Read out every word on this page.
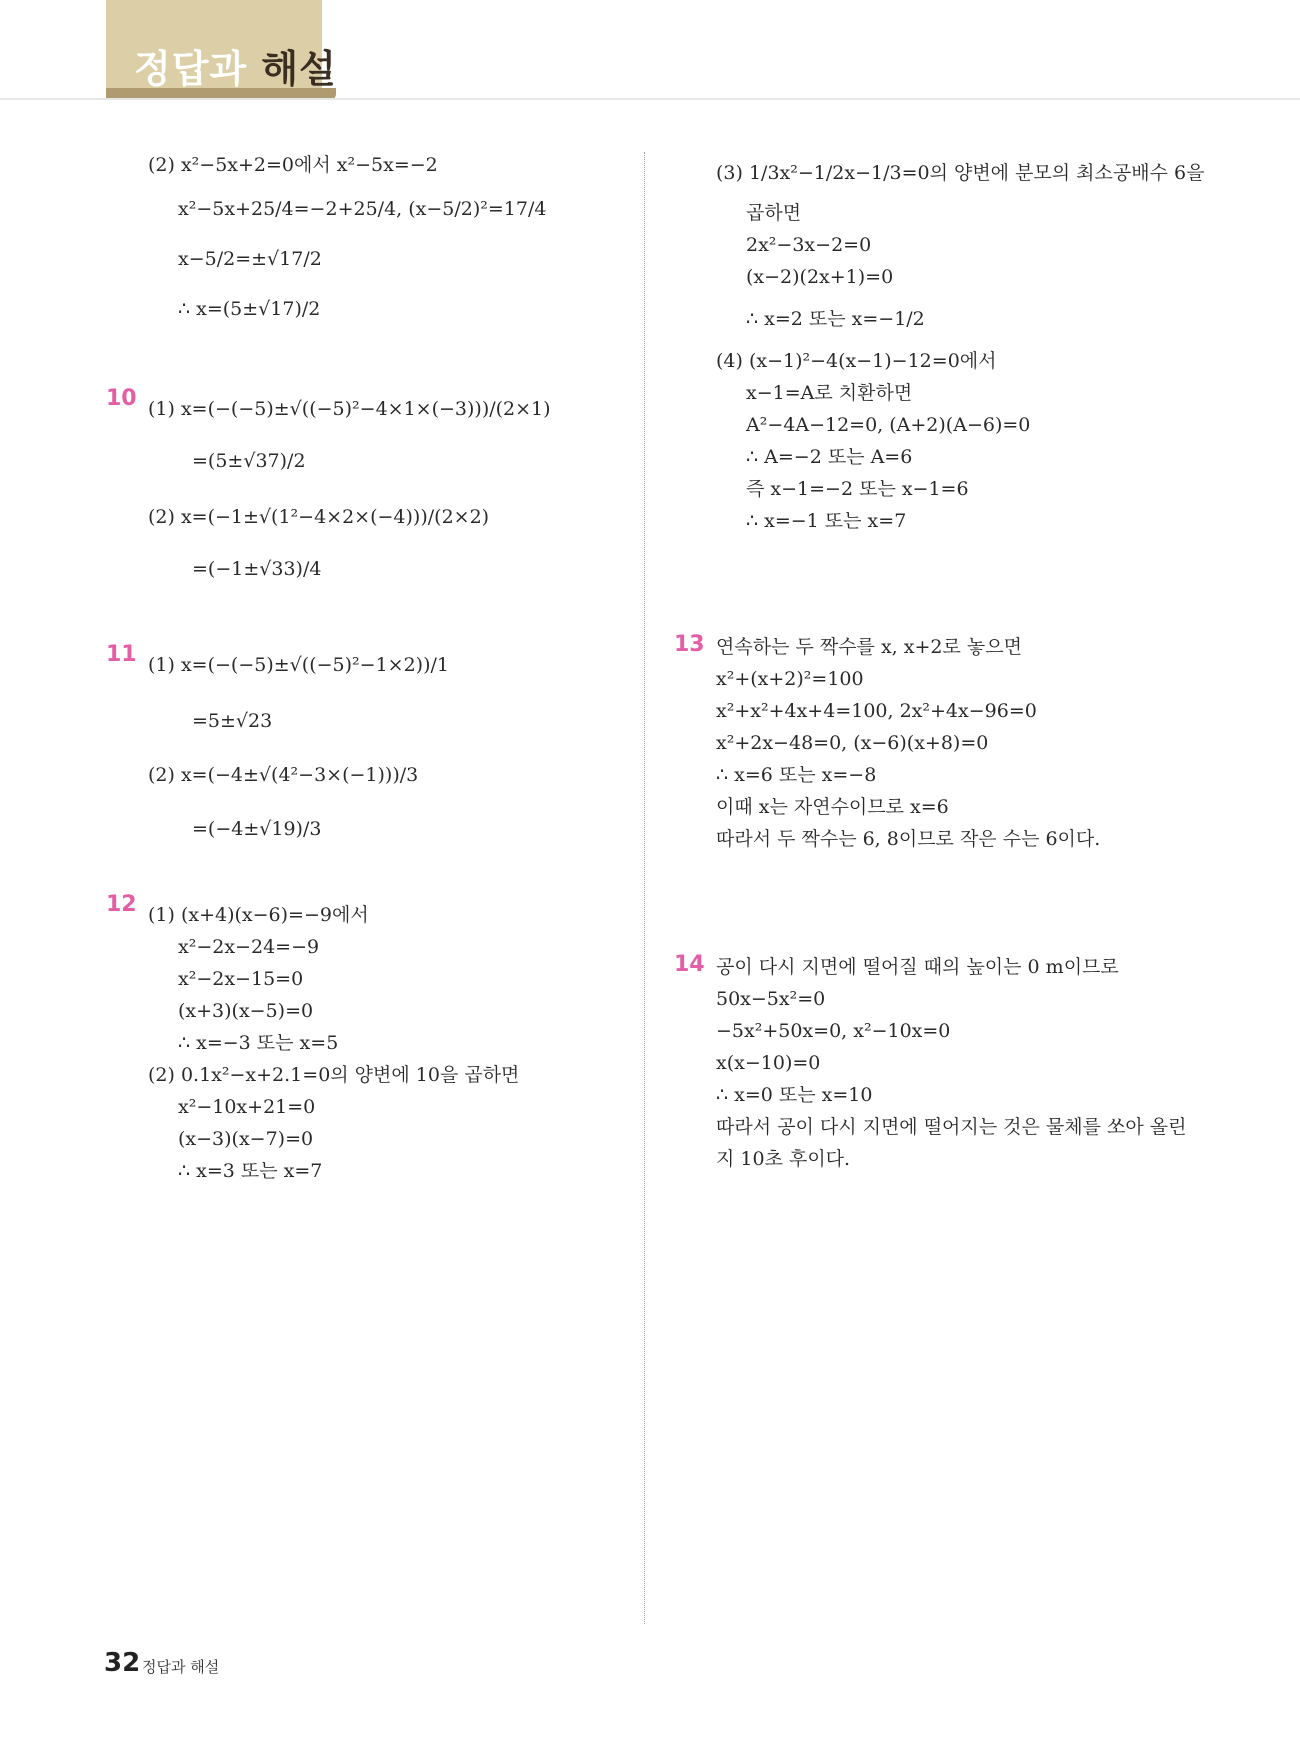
정답과 해설
(2) x²−5x+2=0에서 x²−5x=−2
x²−5x+25/4=−2+25/4, (x−5/2)²=17/4
x−5/2=±√17/2
∴ x=(5±√17)/2
(1) x=(−(−5)±√((−5)²−4×1×(−3)))/(2×1)
=(5±√37)/2
(2) x=(−1±√(1²−4×2×(−4)))/(2×2)
=(−1±√33)/4
(1) x=(−(−5)±√((−5)²−1×2))/1
=5±√23
(2) x=(−4±√(4²−3×(−1)))/3
=(−4±√19)/3
(1) (x+4)(x−6)=−9에서
x²−2x−24=−9
x²−2x−15=0
(x+3)(x−5)=0
∴ x=−3 또는 x=5
(2) 0.1x²−x+2.1=0의 양변에 10을 곱하면
x²−10x+21=0
(x−3)(x−7)=0
∴ x=3 또는 x=7
10
11
12
(3) 1/3x²−1/2x−1/3=0의 양변에 분모의 최소공배수 6을
곱하면
2x²−3x−2=0
(x−2)(2x+1)=0
∴ x=2 또는 x=−1/2
(4) (x−1)²−4(x−1)−12=0에서
x−1=A로 치환하면
A²−4A−12=0, (A+2)(A−6)=0
∴ A=−2 또는 A=6
즉 x−1=−2 또는 x−1=6
∴ x=−1 또는 x=7
연속하는 두 짝수를 x, x+2로 놓으면
x²+(x+2)²=100
x²+x²+4x+4=100, 2x²+4x−96=0
x²+2x−48=0, (x−6)(x+8)=0
∴ x=6 또는 x=−8
이때 x는 자연수이므로 x=6
따라서 두 짝수는 6, 8이므로 작은 수는 6이다.
공이 다시 지면에 떨어질 때의 높이는 0 m이므로
50x−5x²=0
−5x²+50x=0, x²−10x=0
x(x−10)=0
∴ x=0 또는 x=10
따라서 공이 다시 지면에 떨어지는 것은 물체를 쏘아 올린
지 10초 후이다.
13
14
32 정답과 해설
